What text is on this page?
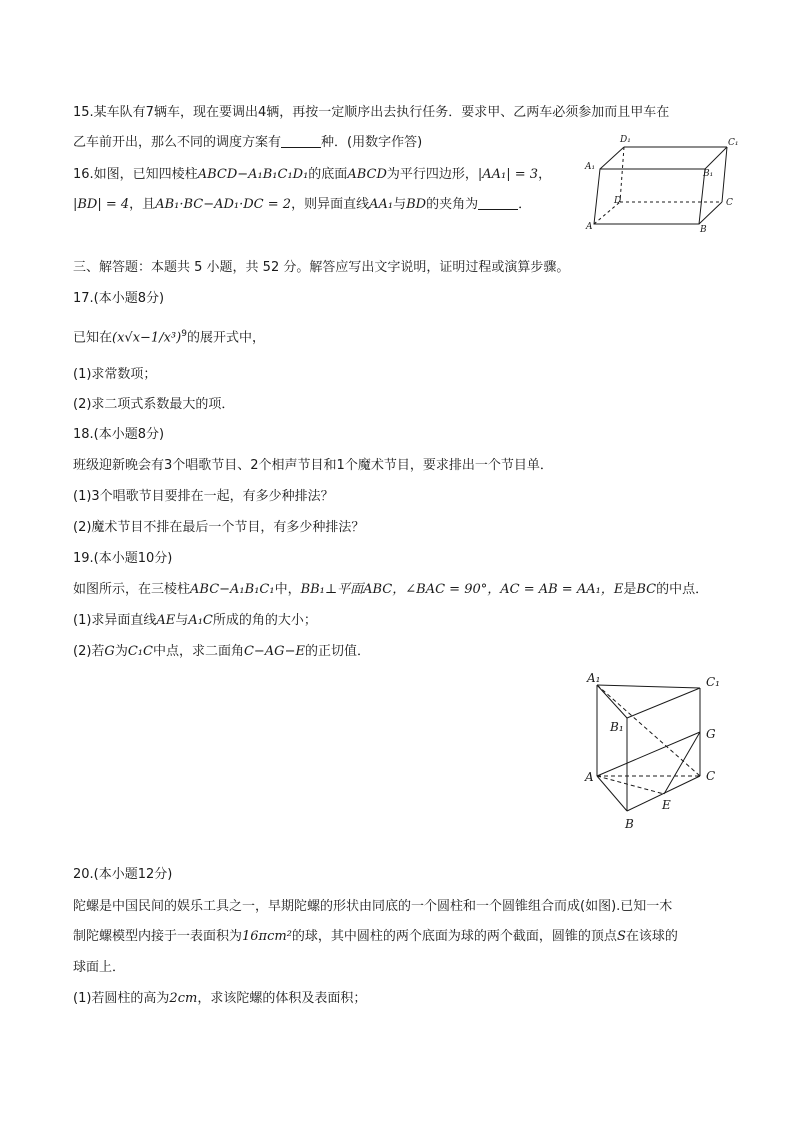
15.某车队有7辆车，现在要调出4辆，再按一定顺序出去执行任务．要求甲、乙两车必须参加而且甲车在
乙车前开出，那么不同的调度方案有	种．(用数字作答)
16.如图，已知四棱柱ABCD−A₁B₁C₁D₁的底面ABCD为平行四边形，|AA₁| = 3，
|BD| = 4，且AB₁·BC−AD₁·DC = 2，则异面直线AA₁与BD的夹角为	．
D₁	C₁
A₁
B₁
D	C
A	B
三、解答题：本题共 5 小题，共 52 分。解答应写出文字说明，证明过程或演算步骤。
17.(本小题8分)
已知在$(x√x-1/x^3)^9$的展开式中，
(1)求常数项；
(2)求二项式系数最大的项．
18.(本小题8分)
班级迎新晚会有3个唱歌节目、2个相声节目和1个魔术节目，要求排出一个节目单．
(1)3个唱歌节目要排在一起，有多少种排法？
(2)魔术节目不排在最后一个节目，有多少种排法？
19.(本小题10分)
如图所示，在三棱柱ABC−A₁B₁C₁中，BB₁⊥平面ABC，∠BAC = 90°，AC = AB = AA₁，E是BC的中点．
(1)求异面直线AE与A₁C所成的角的大小；
(2)若G为C₁C中点，求二面角C−AG−E的正切值．
A₁	C₁
B₁	G
A	C
E
B
20.(本小题12分)
陀螺是中国民间的娱乐工具之一，早期陀螺的形状由同底的一个圆柱和一个圆锥组合而成(如图).已知一木
制陀螺模型内接于一表面积为16πcm²的球，其中圆柱的两个底面为球的两个截面，圆锥的顶点S在该球的
球面上．
(1)若圆柱的高为2cm，求该陀螺的体积及表面积；
